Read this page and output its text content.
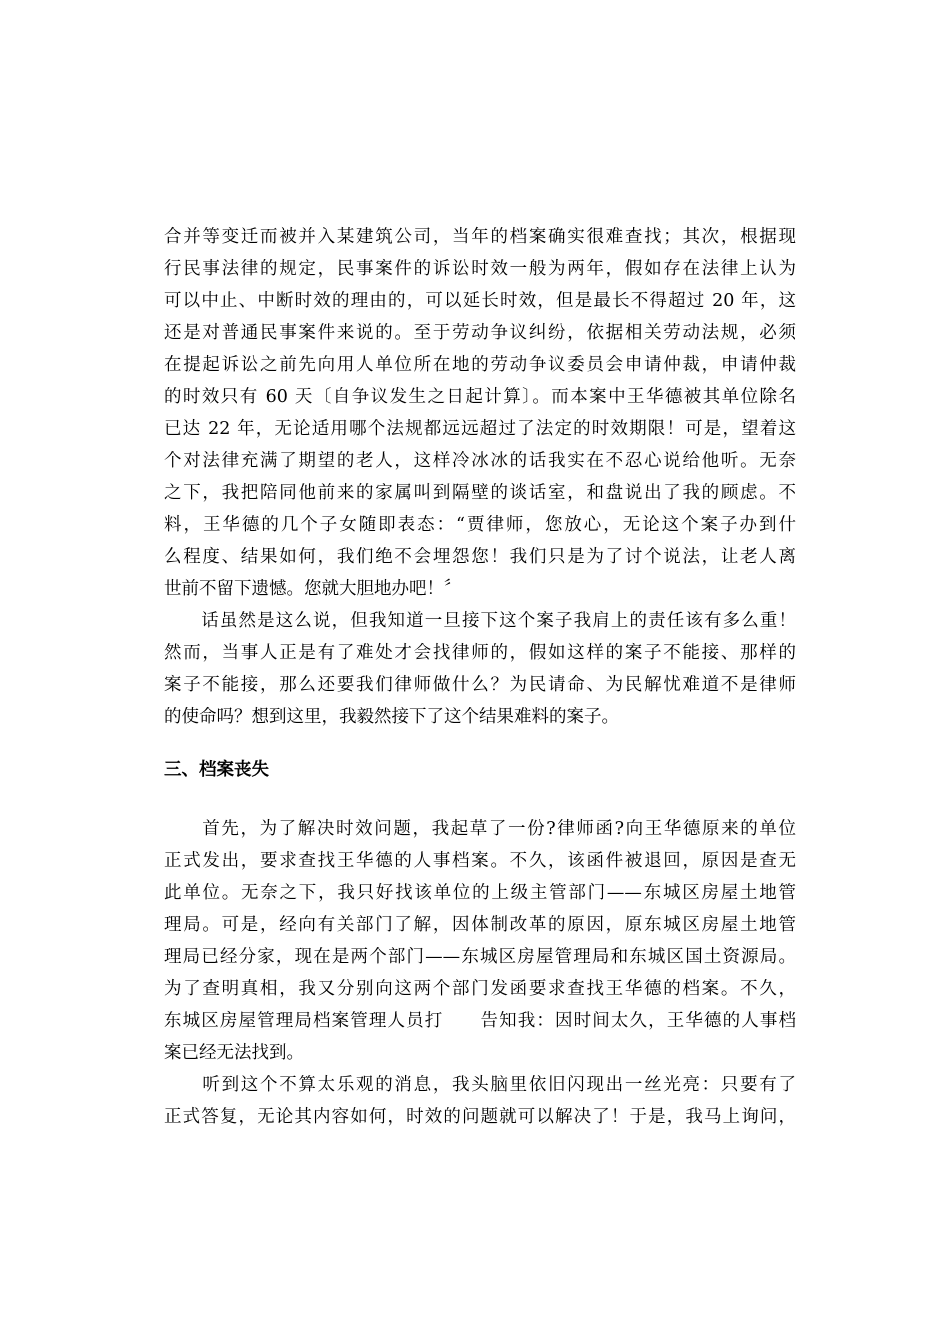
合并等变迁而被并入某建筑公司，当年的档案确实很难查找；其次，根据现
行民事法律的规定，民事案件的诉讼时效一般为两年，假如存在法律上认为
可以中止、中断时效的理由的，可以延长时效，但是最长不得超过 20 年，这
还是对普通民事案件来说的。至于劳动争议纠纷，依据相关劳动法规，必须
在提起诉讼之前先向用人单位所在地的劳动争议委员会申请仲裁，申请仲裁
的时效只有 60 天〔自争议发生之日起计算〕。而本案中王华德被其单位除名
已达 22 年，无论适用哪个法规都远远超过了法定的时效期限！可是，望着这
个对法律充满了期望的老人，这样冷冰冰的话我实在不忍心说给他听。无奈
之下，我把陪同他前来的家属叫到隔壁的谈话室，和盘说出了我的顾虑。不
料，王华德的几个子女随即表态：“贾律师，您放心，无论这个案子办到什
么程度、结果如何，我们绝不会埋怨您！我们只是为了讨个说法，让老人离
世前不留下遗憾。您就大胆地办吧！〞
　　话虽然是这么说，但我知道一旦接下这个案子我肩上的责任该有多么重！
然而，当事人正是有了难处才会找律师的，假如这样的案子不能接、那样的
案子不能接，那么还要我们律师做什么？为民请命、为民解忧难道不是律师
的使命吗？想到这里，我毅然接下了这个结果难料的案子。
三、档案丧失
　　首先，为了解决时效问题，我起草了一份?律师函?向王华德原来的单位
正式发出，要求查找王华德的人事档案。不久，该函件被退回，原因是查无
此单位。无奈之下，我只好找该单位的上级主管部门——东城区房屋土地管
理局。可是，经向有关部门了解，因体制改革的原因，原东城区房屋土地管
理局已经分家，现在是两个部门——东城区房屋管理局和东城区国土资源局。
为了查明真相，我又分别向这两个部门发函要求查找王华德的档案。不久，
东城区房屋管理局档案管理人员打　　告知我：因时间太久，王华德的人事档
案已经无法找到。
　　听到这个不算太乐观的消息，我头脑里依旧闪现出一丝光亮：只要有了
正式答复，无论其内容如何，时效的问题就可以解决了！于是，我马上询问，
